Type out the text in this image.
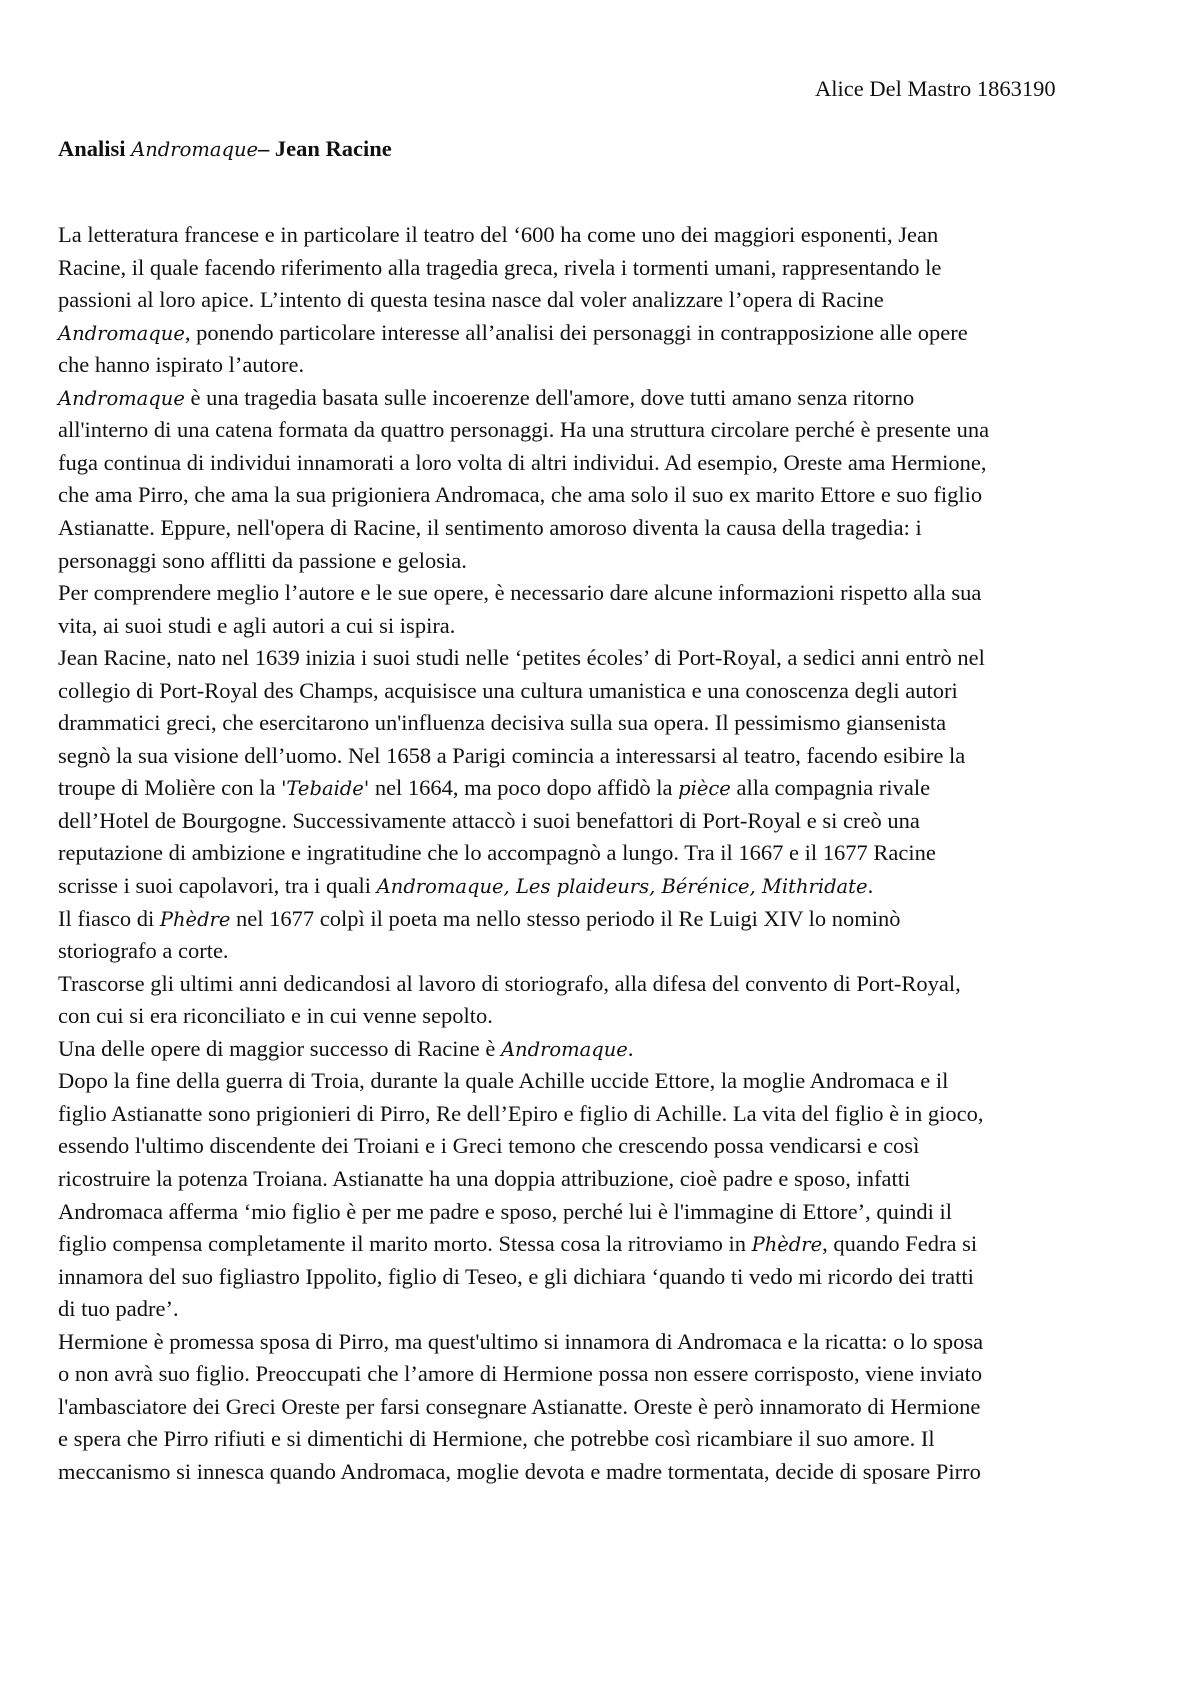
Alice Del Mastro 1863190
Analisi Andromaque– Jean Racine
La letteratura francese e in particolare il teatro del ‘600 ha come uno dei maggiori esponenti, Jean
Racine, il quale facendo riferimento alla tragedia greca, rivela i tormenti umani, rappresentando le
passioni al loro apice. L’intento di questa tesina nasce dal voler analizzare l’opera di Racine
Andromaque, ponendo particolare interesse all’analisi dei personaggi in contrapposizione alle opere
che hanno ispirato l’autore.
Andromaque è una tragedia basata sulle incoerenze dell'amore, dove tutti amano senza ritorno
all'interno di una catena formata da quattro personaggi. Ha una struttura circolare perché è presente una
fuga continua di individui innamorati a loro volta di altri individui. Ad esempio, Oreste ama Hermione,
che ama Pirro, che ama la sua prigioniera Andromaca, che ama solo il suo ex marito Ettore e suo figlio
Astianatte. Eppure, nell'opera di Racine, il sentimento amoroso diventa la causa della tragedia: i
personaggi sono afflitti da passione e gelosia.
Per comprendere meglio l’autore e le sue opere, è necessario dare alcune informazioni rispetto alla sua
vita, ai suoi studi e agli autori a cui si ispira.
Jean Racine, nato nel 1639 inizia i suoi studi nelle ‘petites écoles’ di Port-Royal, a sedici anni entrò nel
collegio di Port-Royal des Champs, acquisisce una cultura umanistica e una conoscenza degli autori
drammatici greci, che esercitarono un'influenza decisiva sulla sua opera. Il pessimismo giansenista
segnò la sua visione dell’uomo. Nel 1658 a Parigi comincia a interessarsi al teatro, facendo esibire la
troupe di Molière con la 'Tebaide' nel 1664, ma poco dopo affidò la pièce alla compagnia rivale
dell’Hotel de Bourgogne. Successivamente attaccò i suoi benefattori di Port-Royal e si creò una
reputazione di ambizione e ingratitudine che lo accompagnò a lungo. Tra il 1667 e il 1677 Racine
scrisse i suoi capolavori, tra i quali Andromaque, Les plaideurs, Bérénice, Mithridate.
Il fiasco di Phèdre nel 1677 colpì il poeta ma nello stesso periodo il Re Luigi XIV lo nominò
storiografo a corte.
Trascorse gli ultimi anni dedicandosi al lavoro di storiografo, alla difesa del convento di Port-Royal,
con cui si era riconciliato e in cui venne sepolto.
Una delle opere di maggior successo di Racine è Andromaque.
Dopo la fine della guerra di Troia, durante la quale Achille uccide Ettore, la moglie Andromaca e il
figlio Astianatte sono prigionieri di Pirro, Re dell’Epiro e figlio di Achille. La vita del figlio è in gioco,
essendo l'ultimo discendente dei Troiani e i Greci temono che crescendo possa vendicarsi e così
ricostruire la potenza Troiana. Astianatte ha una doppia attribuzione, cioè padre e sposo, infatti
Andromaca afferma ‘mio figlio è per me padre e sposo, perché lui è l'immagine di Ettore’, quindi il
figlio compensa completamente il marito morto. Stessa cosa la ritroviamo in Phèdre, quando Fedra si
innamora del suo figliastro Ippolito, figlio di Teseo, e gli dichiara ‘quando ti vedo mi ricordo dei tratti
di tuo padre’.
Hermione è promessa sposa di Pirro, ma quest'ultimo si innamora di Andromaca e la ricatta: o lo sposa
o non avrà suo figlio. Preoccupati che l’amore di Hermione possa non essere corrisposto, viene inviato
l'ambasciatore dei Greci Oreste per farsi consegnare Astianatte. Oreste è però innamorato di Hermione
e spera che Pirro rifiuti e si dimentichi di Hermione, che potrebbe così ricambiare il suo amore. Il
meccanismo si innesca quando Andromaca, moglie devota e madre tormentata, decide di sposare Pirro
